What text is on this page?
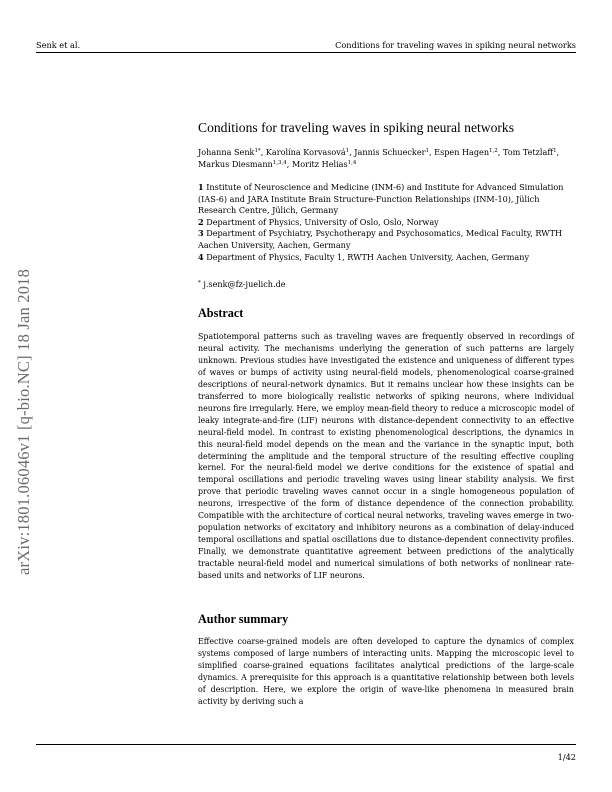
Senk et al.	Conditions for traveling waves in spiking neural networks
arXiv:1801.06046v1 [q-bio.NC] 18 Jan 2018
Conditions for traveling waves in spiking neural networks
Johanna Senk$^{1*}$, Karolína Korvasová$^1$, Jannis Schuecker$^1$, Espen Hagen$^{1,2}$, Tom Tetzlaff$^1$, Markus Diesmann$^{1,3,4}$, Moritz Helias$^{1,4}$

1 Institute of Neuroscience and Medicine (INM-6) and Institute for Advanced Simulation (IAS-6) and JARA Institute Brain Structure-Function Relationships (INM-10), Jülich Research Centre, Jülich, Germany

2 Department of Physics, University of Oslo, Oslo, Norway

3 Department of Psychiatry, Psychotherapy and Psychosomatics, Medical Faculty, RWTH Aachen University, Aachen, Germany

4 Department of Physics, Faculty 1, RWTH Aachen University, Aachen, Germany

* j.senk@fz-juelich.de
Abstract

Spatiotemporal patterns such as traveling waves are frequently observed in recordings of neural activity. The mechanisms underlying the generation of such patterns are largely unknown. Previous studies have investigated the existence and uniqueness of different types of waves or bumps of activity using neural-field models, phenomenological coarse-grained descriptions of neural-network dynamics. But it remains unclear how these insights can be transferred to more biologically realistic networks of spiking neurons, where individual neurons fire irregularly. Here, we employ mean-field theory to reduce a microscopic model of leaky integrate-and-fire (LIF) neurons with distance-dependent connectivity to an effective neural-field model. In contrast to existing phenomenological descriptions, the dynamics in this neural-field model depends on the mean and the variance in the synaptic input, both determining the amplitude and the temporal structure of the resulting effective coupling kernel. For the neural-field model we derive conditions for the existence of spatial and temporal oscillations and periodic traveling waves using linear stability analysis. We first prove that periodic traveling waves cannot occur in a single homogeneous population of neurons, irrespective of the form of distance dependence of the connection probability. Compatible with the architecture of cortical neural networks, traveling waves emerge in two-population networks of excitatory and inhibitory neurons as a combination of delay-induced temporal oscillations and spatial oscillations due to distance-dependent connectivity profiles. Finally, we demonstrate quantitative agreement between predictions of the analytically tractable neural-field model and numerical simulations of both networks of nonlinear rate-based units and networks of LIF neurons.

Author summary

Effective coarse-grained models are often developed to capture the dynamics of complex systems composed of large numbers of interacting units. Mapping the microscopic level to simplified coarse-grained equations facilitates analytical predictions of the large-scale dynamics. A prerequisite for this approach is a quantitative relationship between both levels of description. Here, we explore the origin of wave-like phenomena in measured brain activity by deriving such a

1/42
